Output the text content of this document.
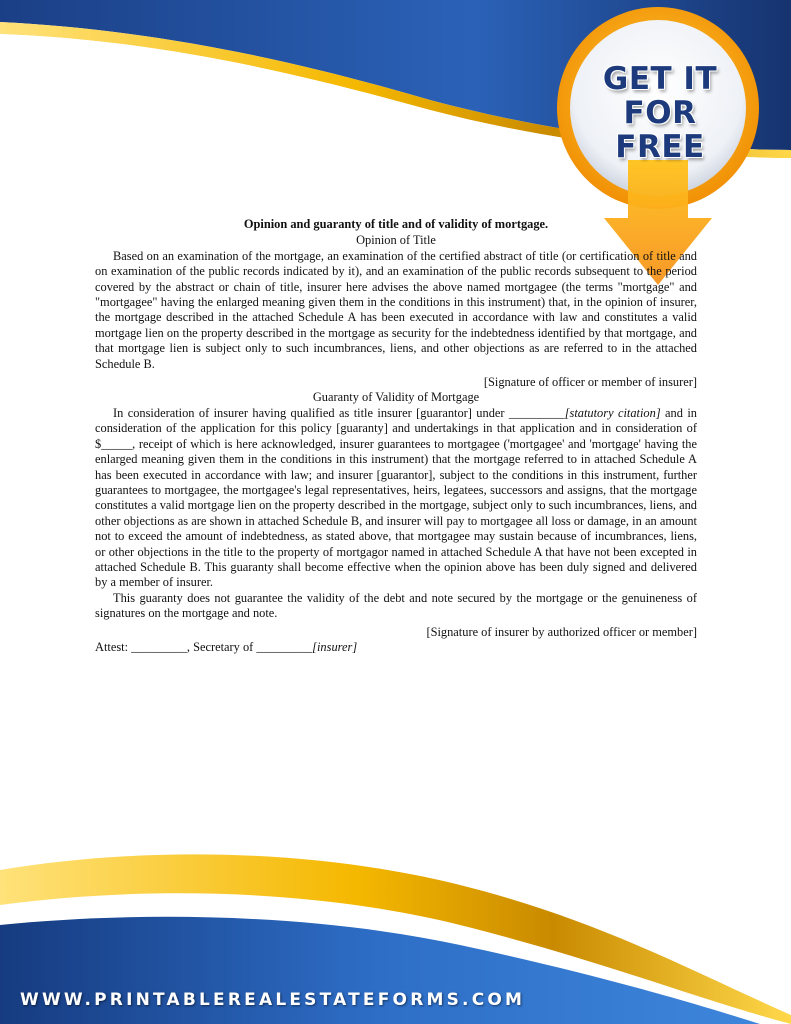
GET IT
FOR FREE

Opinion and guaranty of title and of validity of mortgage.

Opinion of Title

Based on an examination of the mortgage, an examination of the certified abstract of title (or certification of title and on examination of the public records indicated by it), and an examination of the public records subsequent to the period covered by the abstract or chain of title, insurer here advises the above named mortgagee (the terms "mortgage" and "mortgagee" having the enlarged meaning given them in the conditions in this instrument) that, in the opinion of insurer, the mortgage described in the attached Schedule A has been executed in accordance with law and constitutes a valid mortgage lien on the property described in the mortgage as security for the indebtedness identified by that mortgage, and that mortgage lien is subject only to such incumbrances, liens, and other objections as are referred to in the attached Schedule B.

[Signature of officer or member of insurer]

Guaranty of Validity of Mortgage

In consideration of insurer having qualified as title insurer [guarantor] under _________[statutory citation] and in consideration of the application for this policy [guaranty] and undertakings in that application and in consideration of $_____, receipt of which is here acknowledged, insurer guarantees to mortgagee ('mortgagee' and 'mortgage' having the enlarged meaning given them in the conditions in this instrument) that the mortgage referred to in attached Schedule A has been executed in accordance with law; and insurer [guarantor], subject to the conditions in this instrument, further guarantees to mortgagee, the mortgagee's legal representatives, heirs, legatees, successors and assigns, that the mortgage constitutes a valid mortgage lien on the property described in the mortgage, subject only to such incumbrances, liens, and other objections as are shown in attached Schedule B, and insurer will pay to mortgagee all loss or damage, in an amount not to exceed the amount of indebtedness, as stated above, that mortgagee may sustain because of incumbrances, liens, or other objections in the title to the property of mortgagor named in attached Schedule A that have not been excepted in attached Schedule B. This guaranty shall become effective when the opinion above has been duly signed and delivered by a member of insurer.

This guaranty does not guarantee the validity of the debt and note secured by the mortgage or the genuineness of signatures on the mortgage and note.

[Signature of insurer by authorized officer or member]

Attest: _________, Secretary of _________[insurer]

WWW.PRINTABLEREALESTATEFORMS.COM
